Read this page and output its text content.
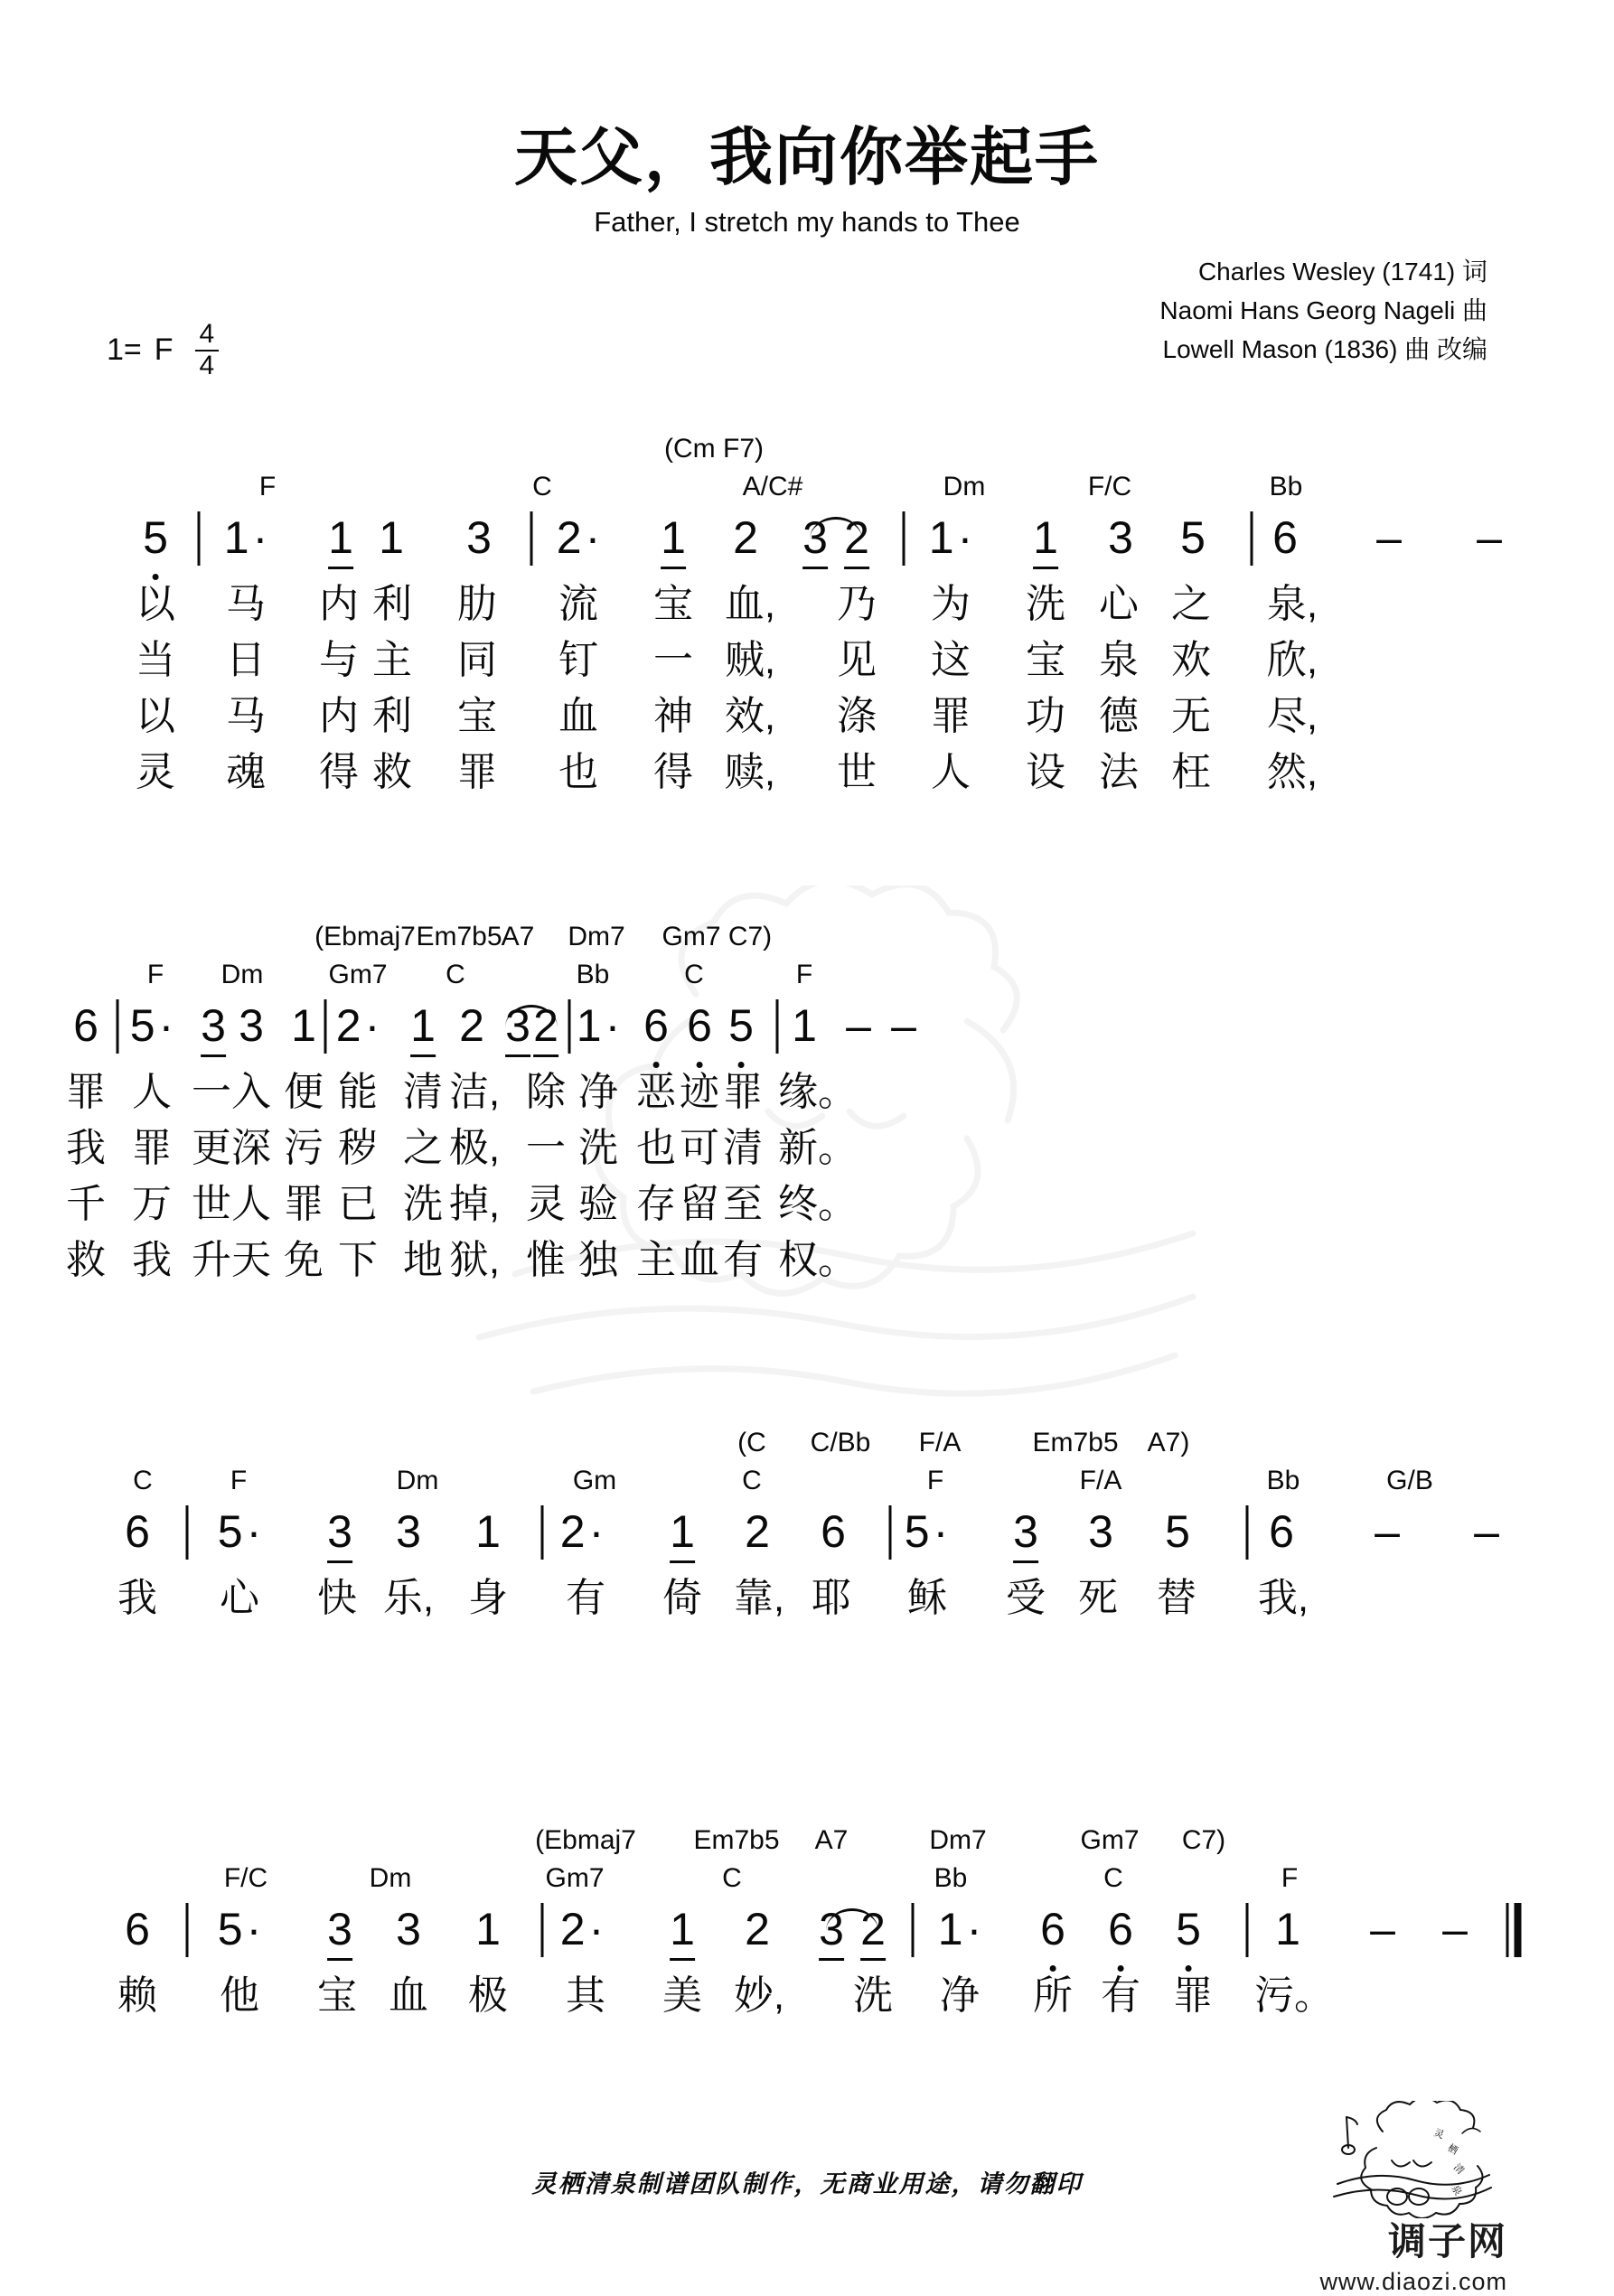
天父，我向你举起手
Father, I stretch my hands to Thee
Charles Wesley (1741) 词
Naomi Hans Georg Nageli 曲
Lowell Mason (1836) 曲 改编
1= F $\frac{4}{4}$
(Cm F7)
F	C	A/C#	Dm	F/C	Bb
5 1· 1 1 3 2· 1 2 3 2 1· 1 3 5 6 – –
以 马 内 利 肋 流 宝 血, 乃 为 洗 心 之 泉,
当 日 与 主 同 钉 一 贼, 见 这 宝 泉 欢 欣,
以 马 内 利 宝 血 神 效, 涤 罪 功 德 无 尽,
灵 魂 得 救 罪 也 得 赎, 世 人 设 法 枉 然,
(Ebmaj7 Em7b5 A7 Dm7 Gm7 C7)
F Dm Gm7 C	Bb	C	F
6 5· 3 3 1 2· 1 2 3 2 1· 6 6 5 1 – –
罪 人 一 入 便 能 清 洁, 除 净 恶 迹 罪 缘。
我 罪 更 深 污 秽 之 极, 一 洗 也 可 清 新。
千 万 世 人 罪 已 洗 掉, 灵 验 存 留 至 终。
救 我 升 天 免 下 地 狱, 惟 独 主 血 有 权。
(C C/Bb F/A	Em7b5 A7)
C	F	Dm	Gm	C	F	F/A	Bb	G/B
6 5· 3 3 1 2· 1 2 6 5· 3 3 5 6 – –
我 心 快 乐, 身 有 倚 靠, 耶 稣 受 死 替 我,
(Ebmaj7 Em7b5 A7	Dm7	Gm7 C7)
F/C	Dm	Gm7	C	Bb	C	F
6 5· 3 3 1 2· 1 2 3 2 1· 6 6 5 1 – –
赖 他 宝 血 极 其 美 妙, 洗 净 所 有 罪 污。
灵栖清泉制谱团队制作，无商业用途，请勿翻印
灵
栖
清
泉
调子网
www.diaozi.com
